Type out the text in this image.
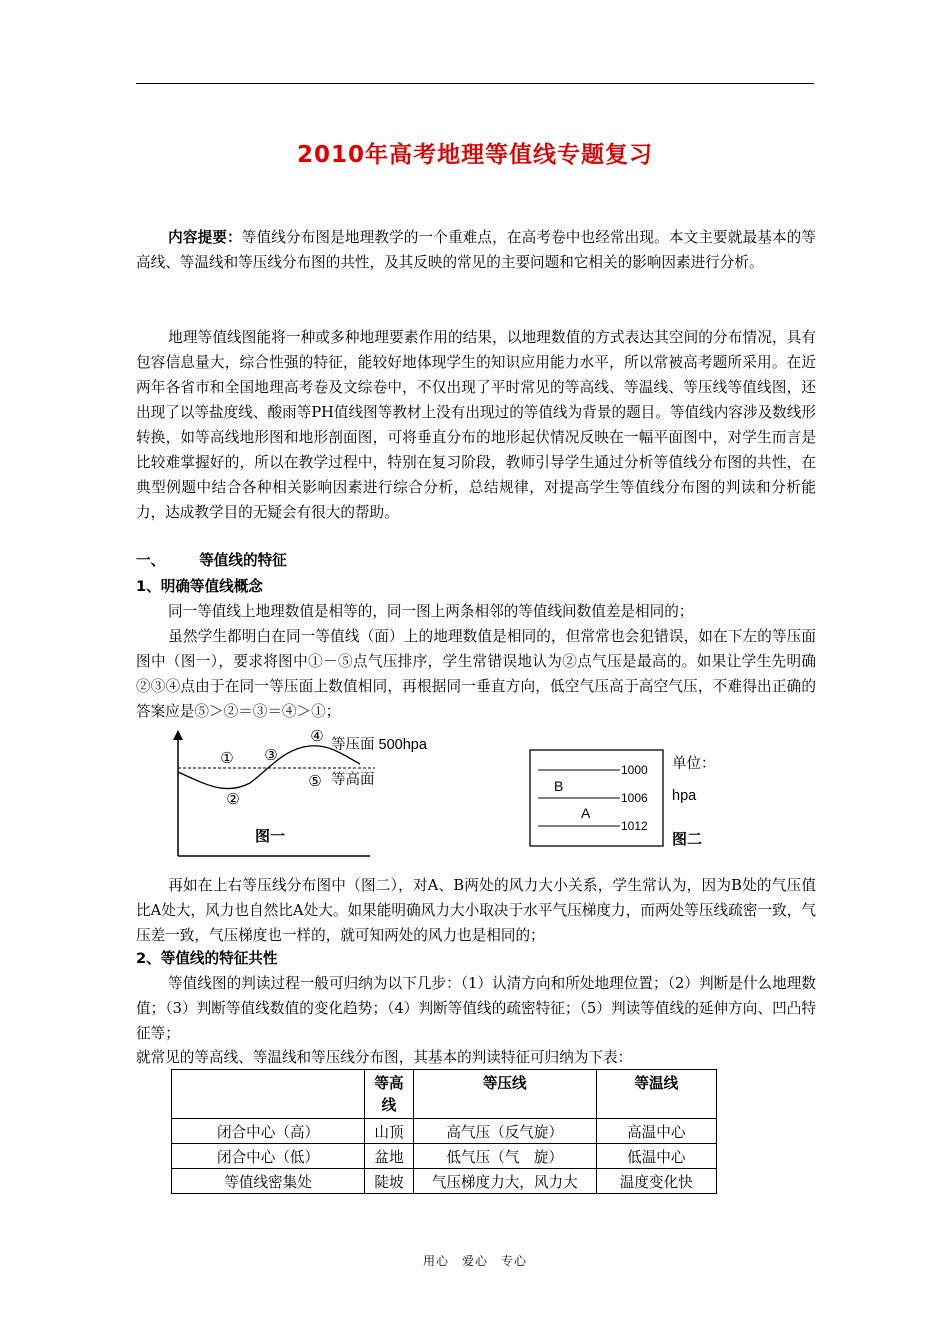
2010年高考地理等值线专题复习

内容提要：等值线分布图是地理教学的一个重难点，在高考卷中也经常出现。本文主要就最基本的等高线、等温线和等压线分布图的共性，及其反映的常见的主要问题和它相关的影响因素进行分析。

地理等值线图能将一种或多种地理要素作用的结果，以地理数值的方式表达其空间的分布情况，具有包容信息量大，综合性强的特征，能较好地体现学生的知识应用能力水平，所以常被高考题所采用。在近两年各省市和全国地理高考卷及文综卷中，不仅出现了平时常见的等高线、等温线、等压线等值线图，还出现了以等盐度线、酸雨等PH值线图等教材上没有出现过的等值线为背景的题目。等值线内容涉及数线形转换，如等高线地形图和地形剖面图，可将垂直分布的地形起伏情况反映在一幅平面图中，对学生而言是比较难掌握好的，所以在教学过程中，特别在复习阶段，教师引导学生通过分析等值线分布图的共性，在典型例题中结合各种相关影响因素进行综合分析，总结规律，对提高学生等值线分布图的判读和分析能力，达成教学目的无疑会有很大的帮助。

一、 等值线的特征
1、明确等值线概念

同一等值线上地理数值是相等的，同一图上两条相邻的等值线间数值差是相同的；

虽然学生都明白在同一等值线（面）上的地理数值是相同的，但常常也会犯错误，如在下左的等压面图中（图一），要求将图中①－⑤点气压排序，学生常错误地认为②点气压是最高的。如果让学生先明确②③④点由于在同一等压面上数值相同，再根据同一垂直方向，低空气压高于高空气压，不难得出正确的答案应是⑤＞②＝③＝④＞①；

①
②
③
④
⑤
等压面 500hpa
等高面
图一
1000
1006
1012
B
A
单位：
hpa
图二

再如在上右等压线分布图中（图二），对A、B两处的风力大小关系，学生常认为，因为B处的气压值比A处大，风力也自然比A处大。如果能明确风力大小取决于水平气压梯度力，而两处等压线疏密一致，气压差一致，气压梯度也一样的，就可知两处的风力也是相同的；

2、等值线的特征共性

等值线图的判读过程一般可归纳为以下几步：（1）认清方向和所处地理位置；（2）判断是什么地理数值；（3）判断等值线数值的变化趋势；（4）判断等值线的疏密特征；（5）判读等值线的延伸方向、凹凸特征等；

就常见的等高线、等温线和等压线分布图，其基本的判读特征可归纳为下表：

	等高线	等压线	等温线
闭合中心（高）	山顶	高气压（反气旋）	高温中心
闭合中心（低）	盆地	低气压（气　旋）	低温中心
等值线密集处	陡坡	气压梯度力大，风力大	温度变化快
用心　爱心　专心
